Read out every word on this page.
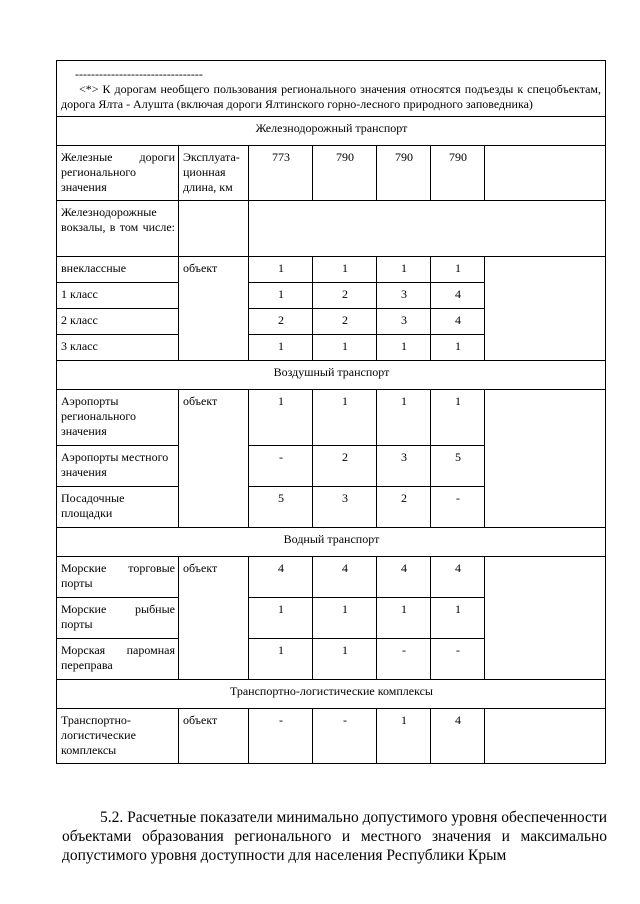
--------------------------------
<*> К дорогам необщего пользования регионального значения относятся подъезды к спецобъектам, дорога Ялта - Алушта (включая дороги Ялтинского горно-лесного природного заповедника)						

Железнодорожный транспорт						
Железные дороги регионального значения	Эксплуата-ционная длина, км	773	790	790	790	
Железнодорожные вокзалы, в том числе:						
внеклассные	объект	1	1	1	1	
1 класс		1	2	3	4	
2 класс		2	2	3	4	
3 класс		1	1	1	1	
Воздушный транспорт						
Аэропорты регионального значения	объект	1	1	1	1	
Аэропорты местного значения		-	2	3	5	
Посадочные площадки		5	3	2	-	
Водный транспорт						
Морские торговые порты	объект	4	4	4	4	
Морские рыбные порты		1	1	1	1	
Морская паромная переправа		1	1	-	-	
Транспортно-логистические комплексы						
Транспортно-логистические комплексы	объект	-	-	1	4	

5.2. Расчетные показатели минимально допустимого уровня обеспеченности объектами образования регионального и местного значения и максимально допустимого уровня доступности для населения Республики Крым
